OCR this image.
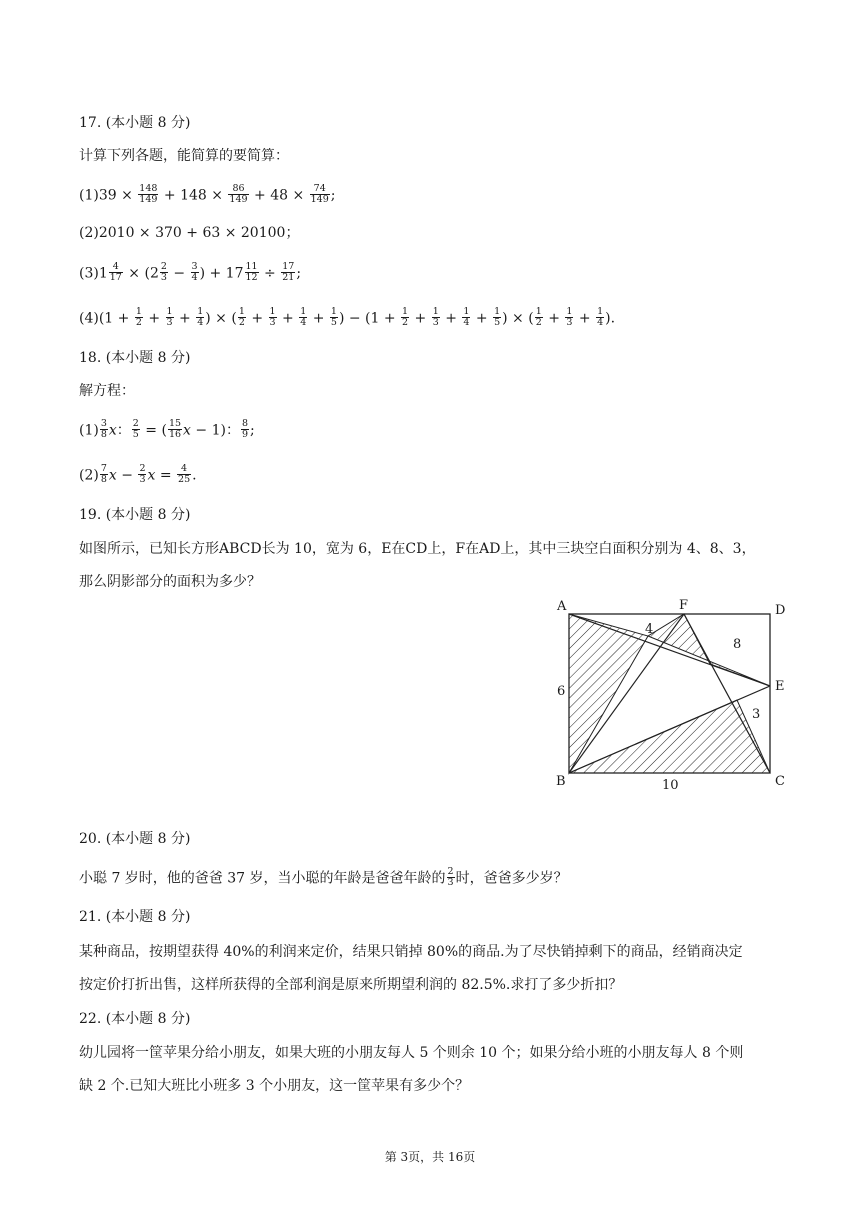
17. (本小题 8 分)
计算下列各题，能简算的要简算：
$(1)39 \times \frac{148}{149} + 148 \times \frac{86}{149} + 48 \times \frac{74}{149}$ ;
(2)2010 × 370 + 63 × 20100；
$(3)1 \frac{4}{17} \times (2 \frac{2}{3} - \frac{3}{4}$ ) + $17 \frac{11}{12} \div \frac{17}{21}$ ;
$(4)(1 + \frac{1}{2} + \frac{1}{3} + \frac{1}{4}$ ) × ( $\frac{1}{2} + \frac{1}{3} + \frac{1}{4} + \frac{1}{5}$ ) − ($1 + \frac{1}{2} + \frac{1}{3} + \frac{1}{4} + \frac{1}{5}$ ) × ( $\frac{1}{2} + \frac{1}{3} + \frac{1}{4}$ ).
18. (本小题 8 分)
解方程：
$(1) \frac{3}{8}$ x： $\frac{2}{5}$ = ( $\frac{15}{16}$ x − 1)： $\frac{8}{9}$ ;
$(2) \frac{7}{8}$ $x - \frac{2}{3}$ $x = \frac{4}{25}$ .
19. (本小题 8 分)
如图所示，已知长方形ABCD长为 10，宽为 6，E在CD上，F在AD上，其中三块空白面积分别为 4、8、3，
那么阴影部分的面积为多少？
A	F	D
E
B	C
4
8
3
6
10
20. (本小题 8 分)
小聪 7 岁时，他的爸爸 37 岁，当小聪的年龄是爸爸年龄的 $\frac{2}{3}$ 时，爸爸多少岁？
21. (本小题 8 分)
某种商品，按期望获得 40%的利润来定价，结果只销掉 80%的商品.为了尽快销掉剩下的商品，经销商决定
按定价打折出售，这样所获得的全部利润是原来所期望利润的 82.5%.求打了多少折扣？
22. (本小题 8 分)
幼儿园将一筐苹果分给小朋友，如果大班的小朋友每人 5 个则余 10 个；如果分给小班的小朋友每人 8 个则
缺 2 个.已知大班比小班多 3 个小朋友，这一筐苹果有多少个？
第 3页，共 16页
